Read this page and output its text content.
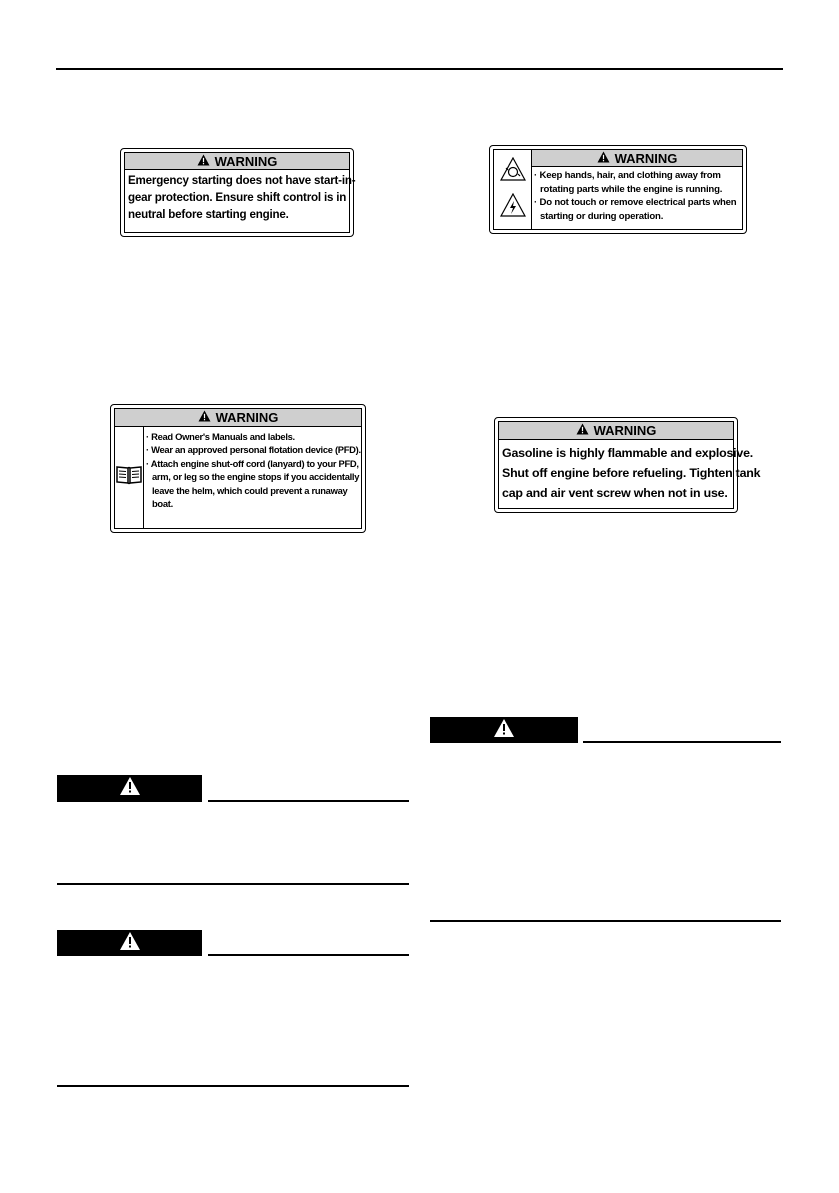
WARNING
Emergency starting does not have start-in-
gear protection. Ensure shift control is in
neutral before starting engine.
WARNING
· Keep hands, hair, and clothing away from
rotating parts while the engine is running.
· Do not touch or remove electrical parts when
starting or during operation.
WARNING
· Read Owner's Manuals and labels.
· Wear an approved personal flotation device (PFD).
· Attach engine shut-off cord (lanyard) to your PFD,
arm, or leg so the engine stops if you accidentally
leave the helm, which could prevent a runaway
boat.
WARNING
Gasoline is highly flammable and explosive.
Shut off engine before refueling. Tighten tank
cap and air vent screw when not in use.
